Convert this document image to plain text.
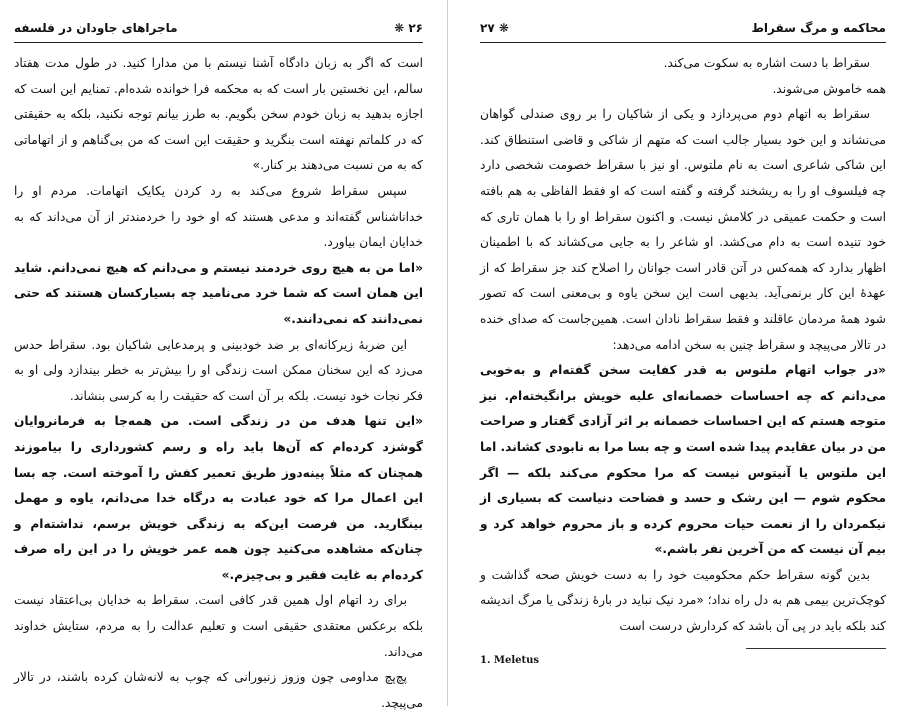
۲۶ ❋
ماجراهای جاودان در فلسفه

است که اگر به زبان دادگاه آشنا نیستم با من مدارا کنید. در طول مدت هفتاد سالم، این نخستین بار است که به محکمه فرا خوانده شده‌ام. تمنایم این است که اجازه بدهید به زبان خودم سخن بگویم. به طرز بیانم توجه نکنید، بلکه به حقیقتی که در کلماتم نهفته است بنگرید و حقیقت این است که من بی‌گناهم و از اتهاماتی که به من نسبت می‌دهند بر کنار.»

سپس سقراط شروع می‌کند به رد کردن یکایک اتهامات. مردم او را خداناشناس گفته‌اند و مدعی هستند که او خود را خردمندتر از آن می‌داند که به خدایان ایمان بیاورد.

«اما من به هیچ روی خردمند نیستم و می‌دانم که هیچ نمی‌دانم. شاید این همان است که شما خرد می‌نامید چه بسیارکسان هستند که حتی نمی‌دانند که نمی‌دانند.»

این ضربهٔ زیرکانه‌ای بر ضد خودبینی و پرمدعایی شاکیان بود. سقراط حدس می‌زد که این سخنان ممکن است زندگی او را بیش‌تر به خطر بیندازد ولی او به فکر نجات خود نیست. بلکه بر آن است که حقیقت را به کرسی بنشاند.

«این تنها هدف من در زندگی است. من همه‌جا به فرمانروایان گوشزد کرده‌ام که آن‌ها باید راه و رسم کشورداری را بیاموزند همچنان که مثلاً پینه‌دوز طریق تعمیر کفش را آموخته است. چه بسا این اعمال مرا که خود عبادت به درگاه خدا می‌دانم، یاوه و مهمل بینگارید. من فرصت این‌که به زندگی خویش برسم، نداشته‌ام و چنان‌که مشاهده می‌کنید چون همه عمر خویش را در این راه صرف کرده‌ام به غایت فقیر و بی‌چیزم.»

برای رد اتهام اول همین قدر کافی است. سقراط به خدایان بی‌اعتقاد نیست بلکه برعکس معتقدی حقیقی است و تعلیم عدالت را به مردم، ستایش خداوند می‌داند.

پچ‌پچ مداومی چون وزوز زنبورانی که چوب به لانه‌شان کرده باشند، در تالار می‌پیچد.

محاکمه و مرگ سقراط
❋ ۲۷

سقراط با دست اشاره به سکوت می‌کند.

همه خاموش می‌شوند.

سقراط به اتهام دوم می‌پردازد و یکی از شاکیان را بر روی صندلی گواهان می‌نشاند و این خود بسیار جالب است که متهم از شاکی و قاضی استنطاق کند. این شاکی شاعری است به نام ملتوس. او نیز با سقراط خصومت شخصی دارد چه فیلسوف او را به ریشخند گرفته و گفته است که او فقط الفاظی به هم بافته است و حکمت عمیقی در کلامش نیست. و اکنون سقراط او را با همان تاری که خود تنیده است به دام می‌کشد. او شاعر را به جایی می‌کشاند که با اطمینان اظهار بدارد که همه‌کس در آتن قادر است جوانان را اصلاح کند جز سقراط که از عهدهٔ این کار برنمی‌آید. بدیهی است این سخن یاوه و بی‌معنی است که تصور شود همهٔ مردمان عاقلند و فقط سقراط نادان است. همین‌جاست که صدای خنده در تالار می‌پیچد و سقراط چنین به سخن ادامه می‌دهد:

«در جواب اتهام ملتوس به قدر کفایت سخن گفته‌ام و به‌خوبی می‌دانم که چه احساسات خصمانه‌ای علیه خویش برانگیخته‌ام. نیز متوجه هستم که این احساسات خصمانه بر اثر آزادی گفتار و صراحت من در بیان عقایدم پیدا شده است و چه بسا مرا به نابودی کشاند. اما این ملتوس یا آنیتوس نیست که مرا محکوم می‌کند بلکه — اگر محکوم شوم — این رشک و حسد و فضاحت دنیاست که بسیاری از نیکمردان را از نعمت حیات محروم کرده و باز محروم خواهد کرد و بیم آن نیست که من آخرین نفر باشم.»

بدین گونه سقراط حکم محکومیت خود را به دست خویش صحه گذاشت و کوچک‌ترین بیمی هم به دل راه نداد؛ «مرد نیک نباید در بارهٔ زندگی یا مرگ اندیشه کند بلکه باید در پی آن باشد که کردارش درست است

1. Meletus
